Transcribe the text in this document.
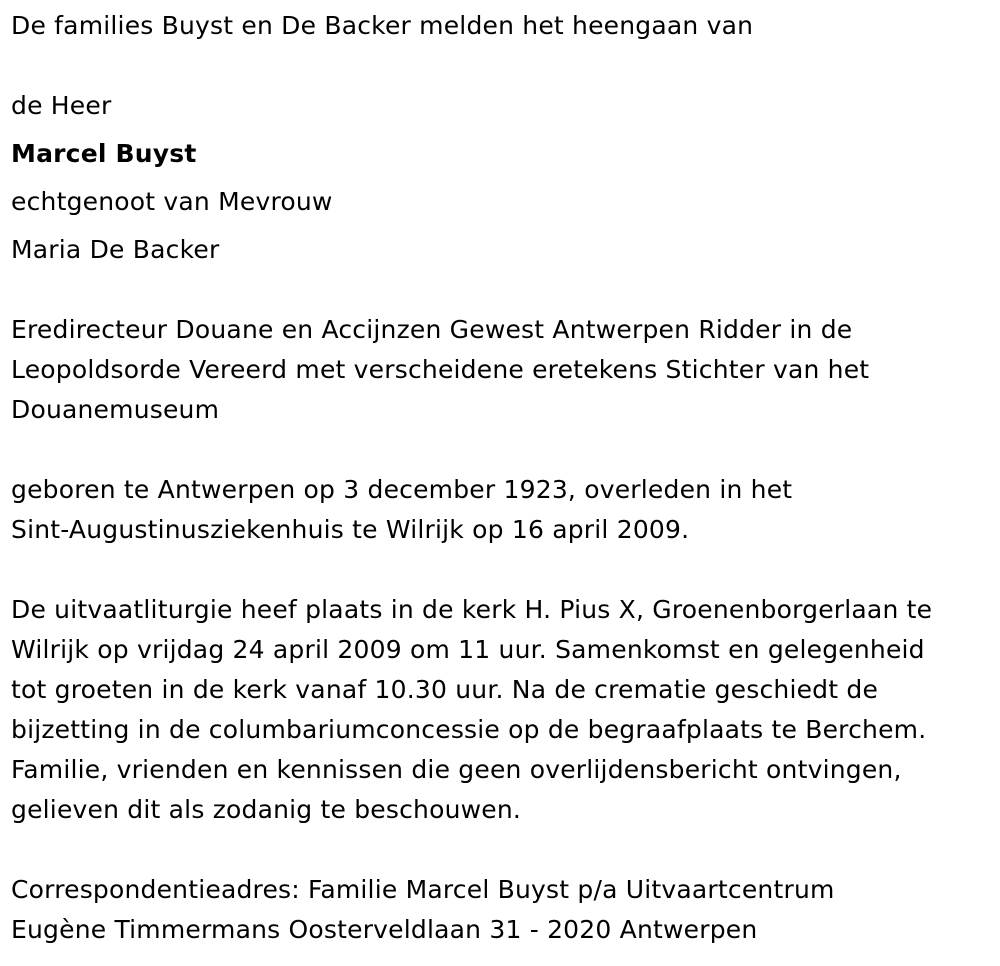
De families Buyst en De Backer melden het heengaan van
de Heer
Marcel Buyst
echtgenoot van Mevrouw
Maria De Backer
Eredirecteur Douane en Accijnzen Gewest Antwerpen Ridder in de
Leopoldsorde Vereerd met verscheidene eretekens Stichter van het
Douanemuseum
geboren te Antwerpen op 3 december 1923, overleden in het
Sint-Augustinusziekenhuis te Wilrijk op 16 april 2009.
De uitvaatliturgie heef plaats in de kerk H. Pius X, Groenenborgerlaan te
Wilrijk op vrijdag 24 april 2009 om 11 uur. Samenkomst en gelegenheid
tot groeten in de kerk vanaf 10.30 uur. Na de crematie geschiedt de
bijzetting in de columbariumconcessie op de begraafplaats te Berchem.
Familie, vrienden en kennissen die geen overlijdensbericht ontvingen,
gelieven dit als zodanig te beschouwen.
Correspondentieadres: Familie Marcel Buyst p/a Uitvaartcentrum
Eugène Timmermans Oosterveldlaan 31 - 2020 Antwerpen
